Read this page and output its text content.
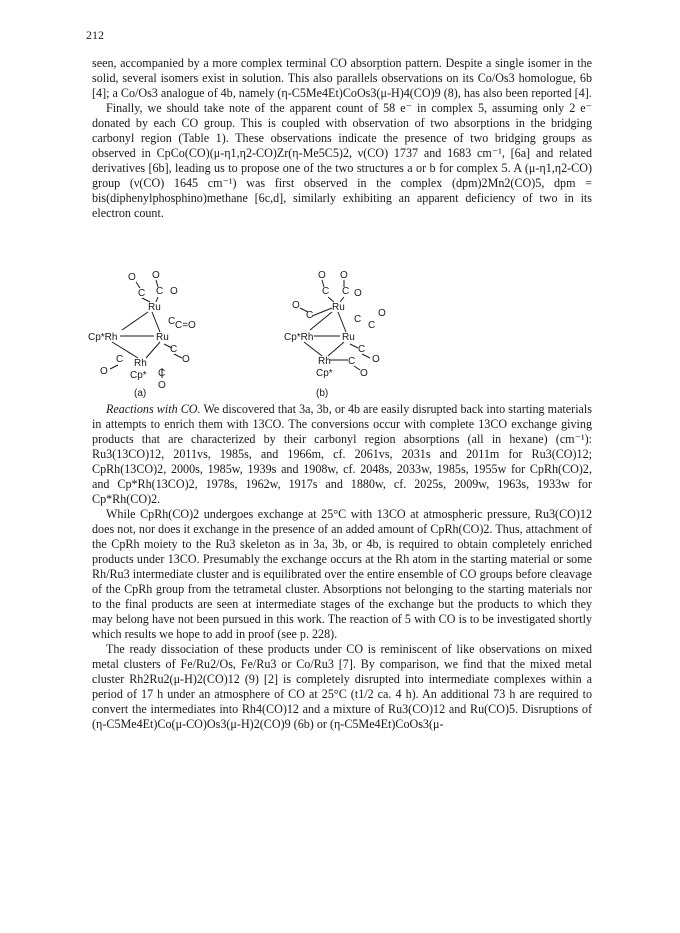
212

seen, accompanied by a more complex terminal CO absorption pattern. Despite a single isomer in the solid, several isomers exist in solution. This also parallels observations on its Co/Os3 homologue, 6b [4]; a Co/Os3 analogue of 4b, namely (η-C5Me4Et)CoOs3(μ-H)4(CO)9 (8), has also been reported [4].

Finally, we should take note of the apparent count of 58 e⁻ in complex 5, assuming only 2 e⁻ donated by each CO group. This is coupled with observation of two absorptions in the bridging carbonyl region (Table 1). These observations indicate the presence of two bridging groups as observed in CpCo(CO)(μ-η1,η2-CO)Zr(η-Me5C5)2, ν(CO) 1737 and 1683 cm⁻¹, [6a] and related derivatives [6b], leading us to propose one of the two structures a or b for complex 5. A (μ-η1,η2-CO) group (ν(CO) 1645 cm⁻¹) was first observed in the complex (dpm)2Mn2(CO)5, dpm = bis(diphenylphosphino)methane [6c,d], similarly exhibiting an apparent deficiency of two in its electron count.

O O
C C O
Ru
C C=O
Cp*Rh	Ru
C
O
C Rh
O Cp* C
O
O O
C C O
O	Ru
C	C
O
C
Cp*Rh	Ru
C
O
Rh C
Cp*	O
(a)	(b)

Reactions with CO. We discovered that 3a, 3b, or 4b are easily disrupted back into starting materials in attempts to enrich them with 13CO. The conversions occur with complete 13CO exchange giving products that are characterized by their carbonyl region absorptions (all in hexane) (cm⁻¹): Ru3(13CO)12, 2011vs, 1985s, and 1966m, cf. 2061vs, 2031s and 2011m for Ru3(CO)12; CpRh(13CO)2, 2000s, 1985w, 1939s and 1908w, cf. 2048s, 2033w, 1985s, 1955w for CpRh(CO)2, and Cp*Rh(13CO)2, 1978s, 1962w, 1917s and 1880w, cf. 2025s, 2009w, 1963s, 1933w for Cp*Rh(CO)2.

While CpRh(CO)2 undergoes exchange at 25°C with 13CO at atmospheric pressure, Ru3(CO)12 does not, nor does it exchange in the presence of an added amount of CpRh(CO)2. Thus, attachment of the CpRh moiety to the Ru3 skeleton as in 3a, 3b, or 4b, is required to obtain completely enriched products under 13CO. Presumably the exchange occurs at the Rh atom in the starting material or some Rh/Ru3 intermediate cluster and is equilibrated over the entire ensemble of CO groups before cleavage of the CpRh group from the tetrametal cluster. Absorptions not belonging to the starting materials nor to the final products are seen at intermediate stages of the exchange but the products to which they may belong have not been pursued in this work. The reaction of 5 with CO is to be investigated shortly which results we hope to add in proof (see p. 228).

The ready dissociation of these products under CO is reminiscent of like observations on mixed metal clusters of Fe/Ru2/Os, Fe/Ru3 or Co/Ru3 [7]. By comparison, we find that the mixed metal cluster Rh2Ru2(μ-H)2(CO)12 (9) [2] is completely disrupted into intermediate complexes within a period of 17 h under an atmosphere of CO at 25°C (t1/2 ca. 4 h). An additional 73 h are required to convert the intermediates into Rh4(CO)12 and a mixture of Ru3(CO)12 and Ru(CO)5. Disruptions of (η-C5Me4Et)Co(μ-CO)Os3(μ-H)2(CO)9 (6b) or (η-C5Me4Et)CoOs3(μ-
